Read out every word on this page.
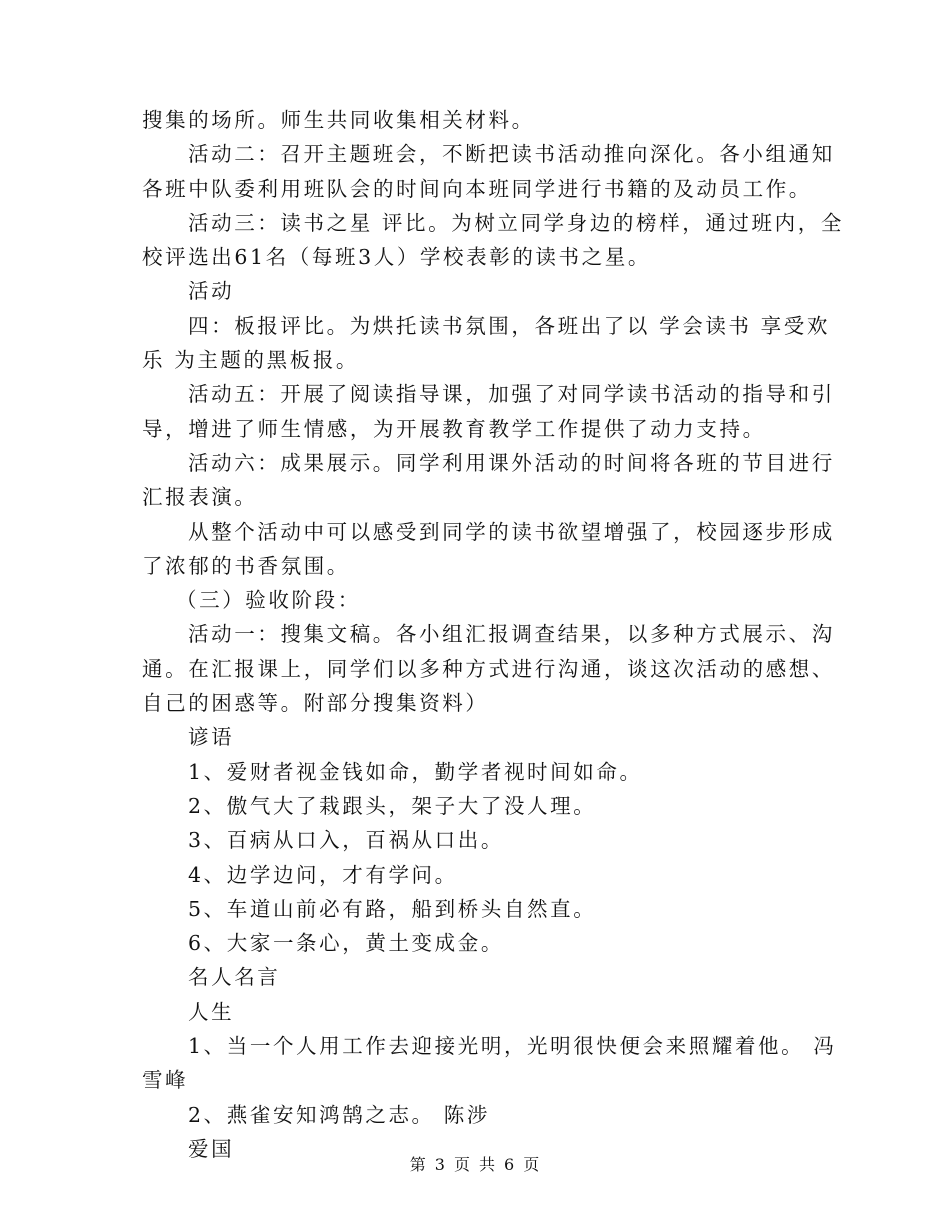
搜集的场所。师生共同收集相关材料。
活动二：召开主题班会，不断把读书活动推向深化。各小组通知
各班中队委利用班队会的时间向本班同学进行书籍的及动员工作。
活动三：读书之星 评比。为树立同学身边的榜样，通过班内，全
校评选出61名（每班3人）学校表彰的读书之星。
活动
四：板报评比。为烘托读书氛围，各班出了以 学会读书 享受欢
乐 为主题的黑板报。
活动五：开展了阅读指导课，加强了对同学读书活动的指导和引
导，增进了师生情感，为开展教育教学工作提供了动力支持。
活动六：成果展示。同学利用课外活动的时间将各班的节目进行
汇报表演。
从整个活动中可以感受到同学的读书欲望增强了，校园逐步形成
了浓郁的书香氛围。
（三）验收阶段：
活动一：搜集文稿。各小组汇报调查结果，以多种方式展示、沟
通。在汇报课上，同学们以多种方式进行沟通，谈这次活动的感想、
自己的困惑等。附部分搜集资料）
谚语
1、爱财者视金钱如命，勤学者视时间如命。
2、傲气大了栽跟头，架子大了没人理。
3、百病从口入，百祸从口出。
4、边学边问，才有学问。
5、车道山前必有路，船到桥头自然直。
6、大家一条心，黄土变成金。
名人名言
人生
1、当一个人用工作去迎接光明，光明很快便会来照耀着他。 冯
雪峰
2、燕雀安知鸿鹄之志。 陈涉
爱国
第 3 页 共 6 页
